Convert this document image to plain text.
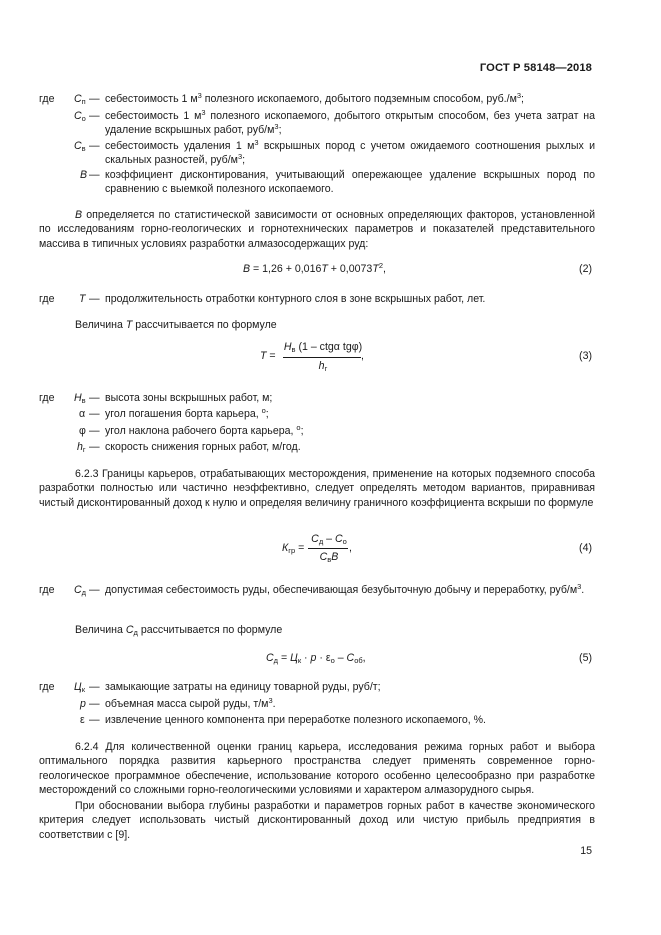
ГОСТ Р 58148—2018
где $С_п$ — себестоимость 1 $м^3$ полезного ископаемого, добытого подземным способом, $руб./м^3$;
$С_о$ — себестоимость 1 $м^3$ полезного ископаемого, добытого открытым способом, без учета затрат на удаление вскрышных работ, руб/$м^3$;
$С_в$ — себестоимость удаления 1 $м^3$ вскрышных пород с учетом ожидаемого соотношения рыхлых и скальных разностей, руб/$м^3$;
В — коэффициент дисконтирования, учитывающий опережающее удаление вскрышных пород по сравнению с выемкой полезного ископаемого.
В определяется по статистической зависимости от основных определяющих факторов, установленной по исследованиям горно-геологических и горнотехнических параметров и показателей представительного массива в типичных условиях разработки алмазосодержащих руд:
$В = 1,26 + 0,016Т + 0,0073Т^2$,	(2)
где Т — продолжительность отработки контурного слоя в зоне вскрышных работ, лет.
Величина Т рассчитывается по формуле
Т =
$Н_в$ (1 – ctgα tgφ)
$h_г$
,	(3)
где $Н_в$ — высота зоны вскрышных работ, м;
α — угол погашения борта карьера, $^о$;
φ — угол наклона рабочего борта карьера, $^о$;
$h_г$ — скорость снижения горных работ, м/год.
6.2.3 Границы карьеров, отрабатывающих месторождения, применение на которых подземного способа разработки полностью или частично неэффективно, следует определять методом вариантов, приравнивая чистый дисконтированный доход к нулю и определяя величину граничного коэффициента вскрыши по формуле
$К_{гр}$ =
$С_д - С_о$
$С_вВ$
,	(4)
где $С_д$ — допустимая себестоимость руды, обеспечивающая безубыточную добычу и переработку, руб/$м^3$.
Величина $С_д$ рассчитывается по формуле
$С_д = Ц_к \cdot р \cdot \varepsilon_о - С_{об}$,	(5)
где $Ц_к$ — замыкающие затраты на единицу товарной руды, руб/т;
р — объемная масса сырой руды, $т/м^3$.
ε — извлечение ценного компонента при переработке полезного ископаемого, %.
6.2.4 Для количественной оценки границ карьера, исследования режима горных работ и выбора оптимального порядка развития карьерного пространства следует применять современное горно-геологическое программное обеспечение, использование которого особенно целесообразно при разработке месторождений со сложными горно-геологическими условиями и характером алмазорудного сырья.
При обосновании выбора глубины разработки и параметров горных работ в качестве экономического критерия следует использовать чистый дисконтированный доход или чистую прибыль предприятия в соответствии с [9].
15
